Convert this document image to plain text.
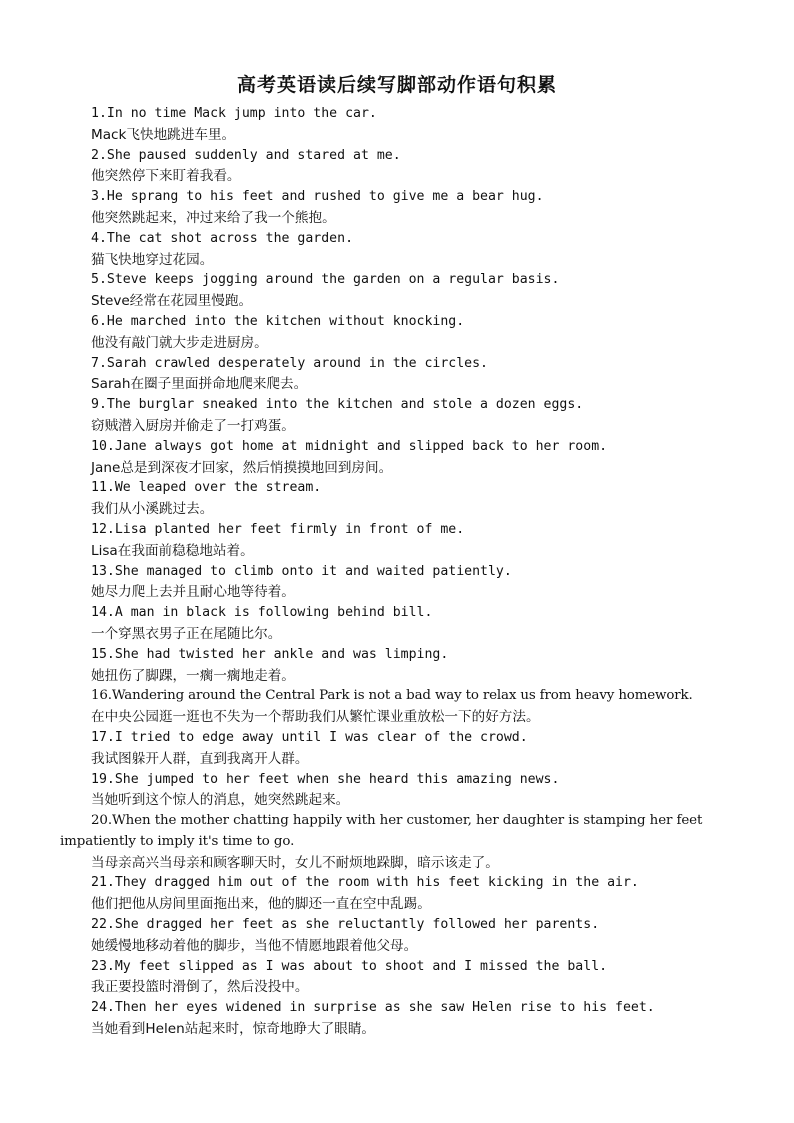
高考英语读后续写脚部动作语句积累
1.In no time Mack jump into the car.
Mack飞快地跳进车里。
2.She paused suddenly and stared at me.
他突然停下来盯着我看。
3.He sprang to his feet and rushed to give me a bear hug.
他突然跳起来，冲过来给了我一个熊抱。
4.The cat shot across the garden.
猫飞快地穿过花园。
5.Steve keeps jogging around the garden on a regular basis.
Steve经常在花园里慢跑。
6.He marched into the kitchen without knocking.
他没有敲门就大步走进厨房。
7.Sarah crawled desperately around in the circles.
Sarah在圈子里面拼命地爬来爬去。
9.The burglar sneaked into the kitchen and stole a dozen eggs.
窃贼潜入厨房并偷走了一打鸡蛋。
10.Jane always got home at midnight and slipped back to her room.
Jane总是到深夜才回家，然后悄摸摸地回到房间。
11.We leaped over the stream.
我们从小溪跳过去。
12.Lisa planted her feet firmly in front of me.
Lisa在我面前稳稳地站着。
13.She managed to climb onto it and waited patiently.
她尽力爬上去并且耐心地等待着。
14.A man in black is following behind bill.
一个穿黑衣男子正在尾随比尔。
15.She had twisted her ankle and was limping.
她扭伤了脚踝，一瘸一瘸地走着。
16.Wandering around the Central Park is not a bad way to relax us from heavy homework.
在中央公园逛一逛也不失为一个帮助我们从繁忙课业重放松一下的好方法。
17.I tried to edge away until I was clear of the crowd.
我试图躲开人群，直到我离开人群。
19.She jumped to her feet when she heard this amazing news.
当她听到这个惊人的消息，她突然跳起来。
20.When the mother chatting happily with her customer, her daughter is stamping her feet impatiently to imply it's time to go.
当母亲高兴当母亲和顾客聊天时，女儿不耐烦地跺脚，暗示该走了。
21.They dragged him out of the room with his feet kicking in the air.
他们把他从房间里面拖出来，他的脚还一直在空中乱踢。
22.She dragged her feet as she reluctantly followed her parents.
她缓慢地移动着他的脚步，当他不情愿地跟着他父母。
23.My feet slipped as I was about to shoot and I missed the ball.
我正要投篮时滑倒了，然后没投中。
24.Then her eyes widened in surprise as she saw Helen rise to his feet.
当她看到Helen站起来时，惊奇地睁大了眼睛。
